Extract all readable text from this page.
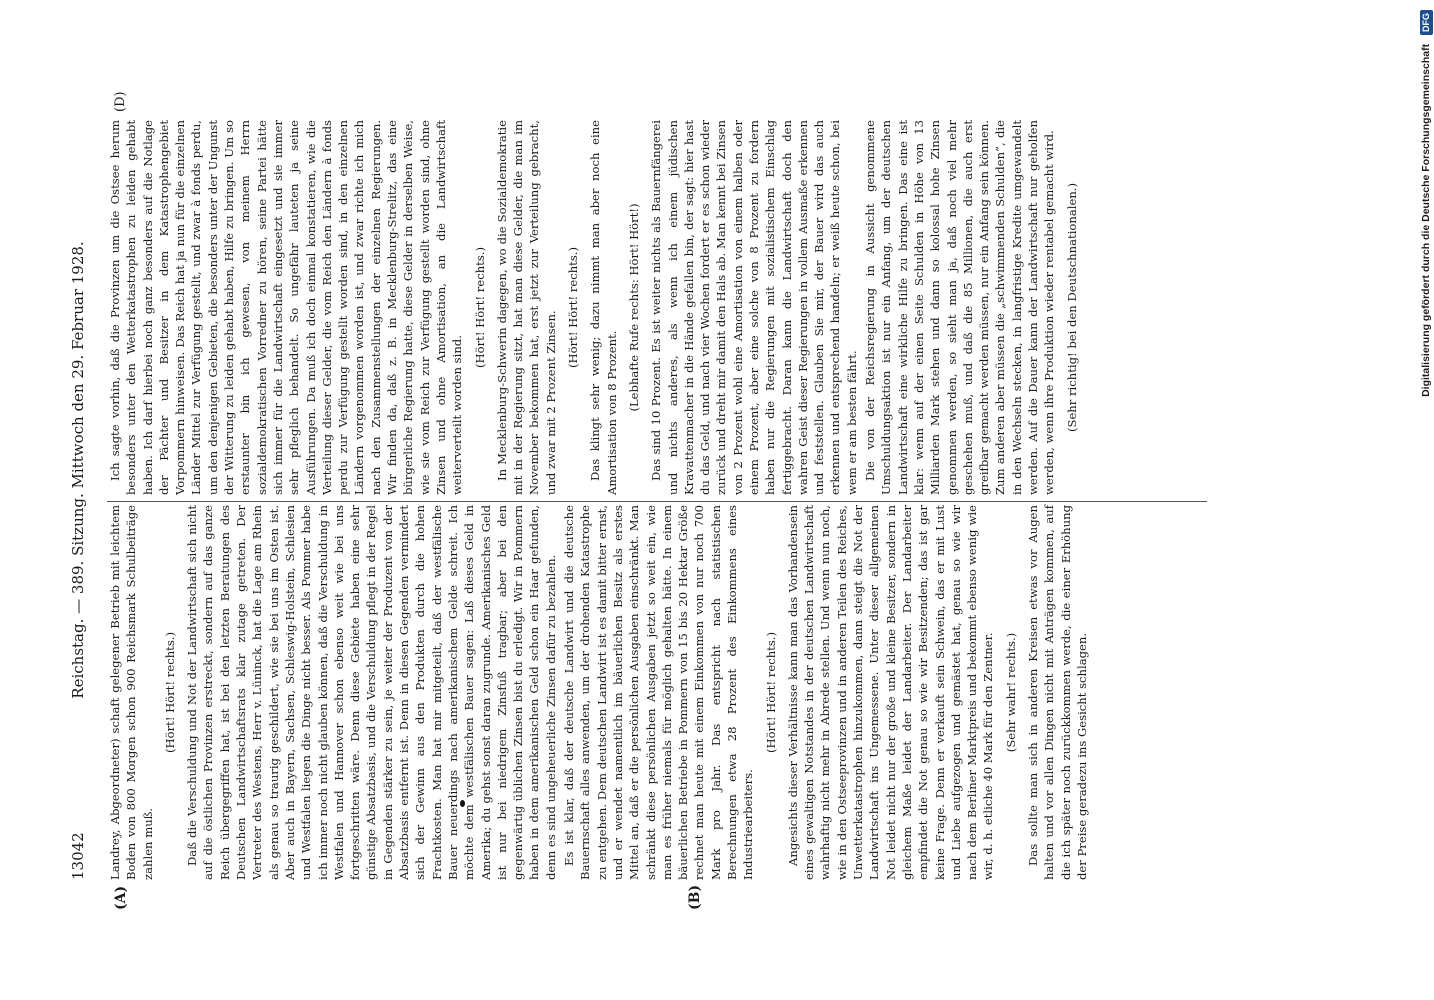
Digitalisierung gefördert durch die Deutsche Forschungsgemeinschaft DFG
13042
Reichstag. — 389. Sitzung. Mittwoch den 29. Februar 1928.
(A)	(B)
(D)

Landrey, Abgeordneter) schaft gelegener Betrieb mit leichtem Boden von 800 Morgen schon 900 Reichsmark Schulbeiträge zahlen muß.

(Hört! Hört! rechts.) Daß die Verschuldung und Not der Landwirtschaft sich nicht auf die östlichen Provinzen erstreckt, sondern auf das ganze Reich übergegriffen hat, ist bei den letzten Beratungen des Deutschen Landwirtschaftsrats klar zutage getreten. Der Vertreter des Westens, Herr v. Lüninck, hat die Lage am Rhein als genau so traurig geschildert, wie sie bei uns im Osten ist. Aber auch in Bayern, Sachsen, Schleswig-Holstein, Schlesien und Westfalen liegen die Dinge nicht besser. Als Pommer habe ich immer noch nicht glauben können, daß die Verschuldung in Westfalen und Hannover schon ebenso weit wie bei uns fortgeschritten wäre. Denn diese Gebiete haben eine sehr günstige Absatzbasis, und die Verschuldung pflegt in der Regel in Gegenden stärker zu sein, je weiter der Produzent von der Absatzbasis entfernt ist. Denn in diesen Gegenden vermindert sich der Gewinn aus den Produkten durch die hohen Frachtkosten. Man hat mir mitgeteilt, daß der westfälische Bauer neuerdings nach amerikanischem Gelde schreit. Ich möchte dem westfälischen Bauer sagen: Laß dieses Geld in Amerika; du gehst sonst daran zugrunde. Amerikanisches Geld ist nur bei niedrigem Zinsfuß tragbar; aber bei den gegenwärtig üblichen Zinsen bist du erledigt. Wir in Pommern haben in dem amerikanischen Geld schon ein Haar gefunden, denn es sind ungeheuerliche Zinsen dafür zu bezahlen. Es ist klar, daß der deutsche Landwirt und die deutsche Bauernschaft alles anwenden, um der drohenden Katastrophe zu entgehen. Dem deutschen Landwirt ist es damit bitter ernst, und er wendet namentlich im bäuerlichen Besitz als erstes Mittel an, daß er die persönlichen Ausgaben einschränkt. Man schränkt diese persönlichen Ausgaben jetzt so weit ein, wie man es früher niemals für möglich gehalten hätte. In einem bäuerlichen Betriebe in Pommern von 15 bis 20 Hektar Größe rechnet man heute mit einem Einkommen von nur noch 700 Mark pro Jahr. Das entspricht nach statistischen Berechnungen etwa 28 Prozent des Einkommens eines Industriearbeiters.

(Hört! Hört! rechts.) Angesichts dieser Verhältnisse kann man das Vorhandensein eines gewaltigen Notstandes in der deutschen Landwirtschaft wahrhaftig nicht mehr in Abrede stellen. Und wenn nun noch, wie in den Ostseeprovinzen und in anderen Teilen des Reiches, Unwetterkatastrophen hinzukommen, dann steigt die Not der Landwirtschaft ins Ungemessene. Unter dieser allgemeinen Not leidet nicht nur der große und kleine Besitzer, sondern in gleichem Maße leidet der Landarbeiter. Der Landarbeiter empfindet die Not genau so wie wir Besitzenden; das ist gar keine Frage. Denn er verkauft sein Schwein, das er mit Lust und Liebe aufgezogen und gemästet hat, genau so wie wir nach dem Berliner Marktpreis und bekommt ebenso wenig wie wir, d. h. etliche 40 Mark für den Zentner. (Sehr wahr! rechts.) Das sollte man sich in anderen Kreisen etwas vor Augen halten und vor allen Dingen nicht mit Anträgen kommen, auf die ich später noch zurückkommen werde, die einer Erhöhung der Preise geradezu ins Gesicht schlagen.

Ich sagte vorhin, daß die Provinzen um die Ostsee herum besonders unter den Wetterkatastrophen zu leiden gehabt haben. Ich darf hierbei noch ganz besonders auf die Notlage der Pächter und Besitzer in dem Katastrophengebiet Vorpommern hinweisen. Das Reich hat ja nun für die einzelnen Länder Mittel zur Verfügung gestellt, und zwar à fonds perdu, um den denjenigen Gebieten, die besonders unter der Ungunst der Witterung zu leiden gehabt haben, Hilfe zu bringen. Um so erstaunter bin ich gewesen, von meinem Herrn sozialdemokratischen Vorredner zu hören, seine Partei hätte sich immer für die Landwirtschaft eingesetzt und sie immer sehr pfleglich behandelt. So ungefähr lauteten ja seine Ausführungen. Da muß ich doch einmal konstatieren, wie die Verteilung dieser Gelder, die vom Reich den Ländern à fonds perdu zur Verfügung gestellt worden sind, in den einzelnen Ländern vorgenommen worden ist, und zwar richte ich mich nach den Zusammenstellungen der einzelnen Regierungen. Wir finden da, daß z. B. in Mecklenburg-Strelitz, das eine bürgerliche Regierung hatte, diese Gelder in derselben Weise, wie sie vom Reich zur Verfügung gestellt worden sind, ohne Zinsen und ohne Amortisation, an die Landwirtschaft weiterverteilt worden sind.

(Hört! Hört! rechts.) In Mecklenburg-Schwerin dagegen, wo die Sozialdemokratie mit in der Regierung sitzt, hat man diese Gelder, die man im November bekommen hat, erst jetzt zur Verteilung gebracht, und zwar mit 2 Prozent Zinsen.

(Hört! Hört! rechts.) Das klingt sehr wenig; dazu nimmt man aber noch eine Amortisation von 8 Prozent.

(Lebhafte Rufe rechts: Hört! Hört!) Das sind 10 Prozent. Es ist weiter nichts als Bauernfängerei und nichts anderes, als wenn ich einem jüdischen Kravattenmacher in die Hände gefallen bin, der sagt: hier hast du das Geld, und nach vier Wochen fordert er es schon wieder zurück und dreht mir damit den Hals ab. Man kennt bei Zinsen von 2 Prozent wohl eine Amortisation von einem halben oder einem Prozent, aber eine solche von 8 Prozent zu fordern haben nur die Regierungen mit sozialistischem Einschlag fertiggebracht. Daran kann die Landwirtschaft doch den wahren Geist dieser Regierungen in vollem Ausmaße erkennen und feststellen. Glauben Sie mir, der Bauer wird das auch erkennen und entsprechend handeln; er weiß heute schon, bei wem er am besten fährt. Die von der Reichsregierung in Aussicht genommene Umschuldungsaktion ist nur ein Anfang, um der deutschen Landwirtschaft eine wirkliche Hilfe zu bringen. Das eine ist klar: wenn auf der einen Seite Schulden in Höhe von 13 Milliarden Mark stehen und dann so kolossal hohe Zinsen genommen werden, so sieht man ja, daß noch viel mehr geschehen muß, und daß die 85 Millionen, die auch erst greifbar gemacht werden müssen, nur ein Anfang sein können. Zum anderen aber müssen die „schwimmenden Schulden“, die in den Wechseln stecken, in langfristige Kredite umgewandelt werden. Auf die Dauer kann der Landwirtschaft nur geholfen werden, wenn ihre Produktion wieder rentabel gemacht wird. (Sehr richtig! bei den Deutschnationalen.)
